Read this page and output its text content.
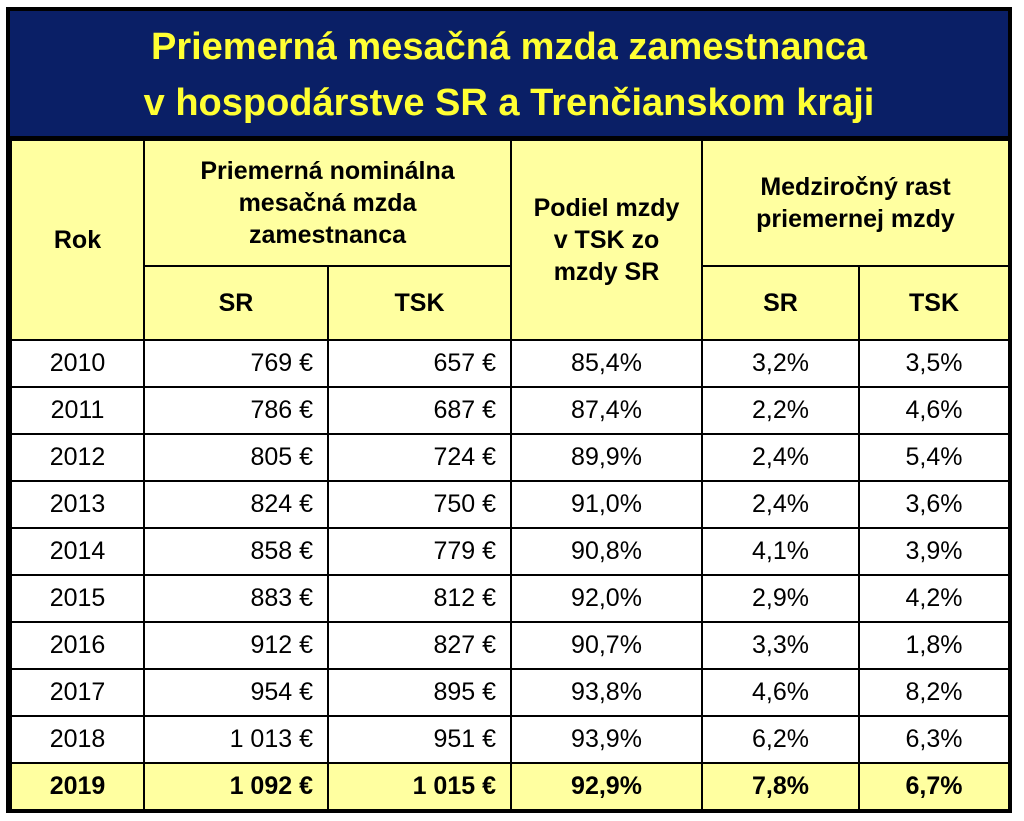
Priemerná mesačná mzda zamestnanca
v hospodárstve SR a Trenčianskom kraji
Rok	Priemerná nominálna mesačná mzda zamestnanca		Podiel mzdy v TSK zo mzdy SR	Medziročný rast priemernej mzdy	
	SR	TSK		SR	TSK
2010	769 €	657 €	85,4%	3,2%	3,5%
2011	786 €	687 €	87,4%	2,2%	4,6%
2012	805 €	724 €	89,9%	2,4%	5,4%
2013	824 €	750 €	91,0%	2,4%	3,6%
2014	858 €	779 €	90,8%	4,1%	3,9%
2015	883 €	812 €	92,0%	2,9%	4,2%
2016	912 €	827 €	90,7%	3,3%	1,8%
2017	954 €	895 €	93,8%	4,6%	8,2%
2018	1 013 €	951 €	93,9%	6,2%	6,3%
2019	1 092 €	1 015 €	92,9%	7,8%	6,7%
